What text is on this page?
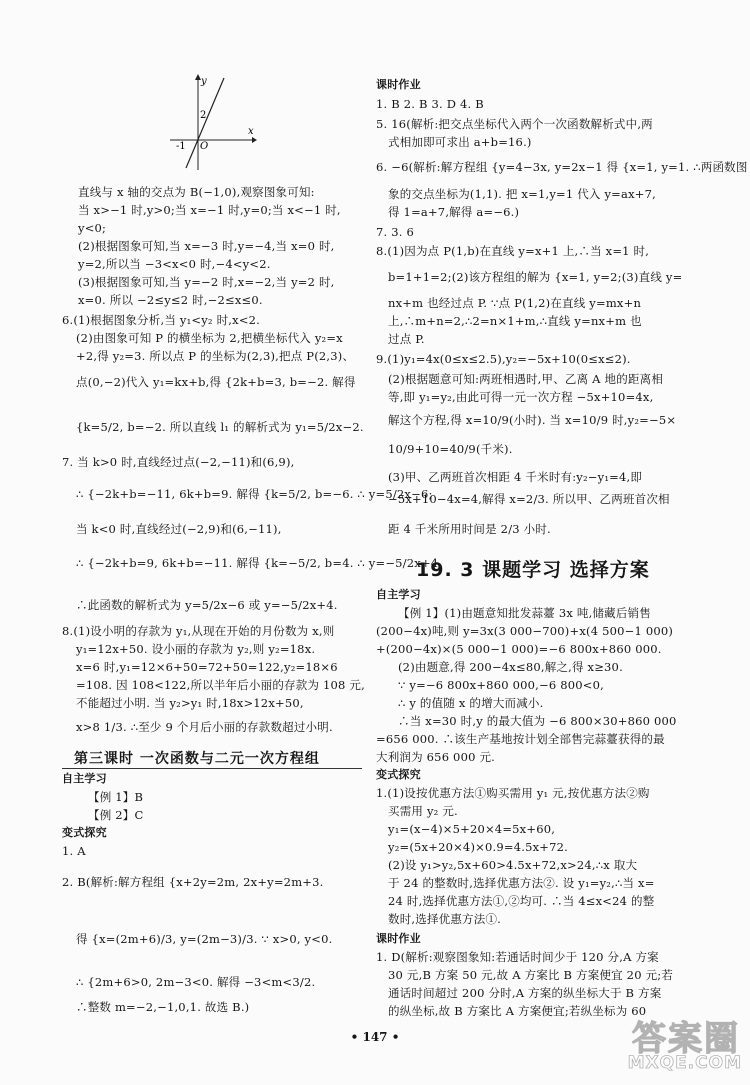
y
x
2
O
-1
直线与 x 轴的交点为 B(−1,0),观察图象可知:
当 x>−1 时,y>0;当 x=−1 时,y=0;当 x<−1 时,
y<0;
(2)根据图象可知,当 x=−3 时,y=−4,当 x=0 时,
y=2,所以当 −3<x<0 时,−4<y<2.
(3)根据图象可知,当 y=−2 时,x=−2,当 y=2 时,
x=0. 所以 −2≤y≤2 时,−2≤x≤0.
6.(1)根据图象分析,当 y₁<y₂ 时,x<2.
(2)由图象可知 P 的横坐标为 2,把横坐标代入 y₂=x
+2,得 y₂=3. 所以点 P 的坐标为(2,3),把点 P(2,3)、
点(0,−2)代入 y₁=kx+b,得 {2k+b=3, b=−2. 解得
{k=5/2, b=−2. 所以直线 l₁ 的解析式为 y₁=5/2x−2.
7. 当 k>0 时,直线经过点(−2,−11)和(6,9),
∴ {−2k+b=−11, 6k+b=9. 解得 {k=5/2, b=−6. ∴ y=5/2x−6;
当 k<0 时,直线经过(−2,9)和(6,−11),
∴ {−2k+b=9, 6k+b=−11. 解得 {k=−5/2, b=4. ∴ y=−5/2x+4.
∴此函数的解析式为 y=5/2x−6 或 y=−5/2x+4.
8.(1)设小明的存款为 y₁,从现在开始的月份数为 x,则
y₁=12x+50. 设小丽的存款为 y₂,则 y₂=18x.
x=6 时,y₁=12×6+50=72+50=122,y₂=18×6
=108. 因 108<122,所以半年后小丽的存款为 108 元,
不能超过小明. 当 y₂>y₁ 时,18x>12x+50,
x>8 1/3. ∴至少 9 个月后小丽的存款数超过小明.
第三课时 一次函数与二元一次方程组
自主学习
【例 1】B
【例 2】C
变式探究
1. A
2. B(解析:解方程组 {x+2y=2m, 2x+y=2m+3.
得 {x=(2m+6)/3, y=(2m−3)/3. ∵ x>0, y<0.
∴ {2m+6>0, 2m−3<0. 解得 −3<m<3/2.
∴整数 m=−2,−1,0,1. 故选 B.)
课时作业
1. B 2. B 3. D 4. B
5. 16(解析:把交点坐标代入两个一次函数解析式中,两
式相加即可求出 a+b=16.)
6. −6(解析:解方程组 {y=4−3x, y=2x−1 得 {x=1, y=1. ∴两函数图
象的交点坐标为(1,1). 把 x=1,y=1 代入 y=ax+7,
得 1=a+7,解得 a=−6.)
7. 3. 6
8.(1)因为点 P(1,b)在直线 y=x+1 上,∴当 x=1 时,
b=1+1=2;(2)该方程组的解为 {x=1, y=2;(3)直线 y=
nx+m 也经过点 P. ∵点 P(1,2)在直线 y=mx+n
上,∴m+n=2,∴2=n×1+m,∴直线 y=nx+m 也
过点 P.
9.(1)y₁=4x(0≤x≤2.5),y₂=−5x+10(0≤x≤2).
(2)根据题意可知:两班相遇时,甲、乙离 A 地的距离相
等,即 y₁=y₂,由此可得一元一次方程 −5x+10=4x,
解这个方程,得 x=10/9(小时). 当 x=10/9 时,y₂=−5×
10/9+10=40/9(千米).
(3)甲、乙两班首次相距 4 千米时有:y₂−y₁=4,即
−5x+10−4x=4,解得 x=2/3. 所以甲、乙两班首次相
距 4 千米所用时间是 2/3 小时.
19. 3 课题学习 选择方案
自主学习
【例 1】(1)由题意知批发蒜薹 3x 吨,储藏后销售
(200−4x)吨,则 y=3x(3 000−700)+x(4 500−1 000)
+(200−4x)×(5 000−1 000)=−6 800x+860 000.
(2)由题意,得 200−4x≤80,解之,得 x≥30.
∵ y=−6 800x+860 000,−6 800<0,
∴ y 的值随 x 的增大而减小.
∴当 x=30 时,y 的最大值为 −6 800×30+860 000
=656 000. ∴该生产基地按计划全部售完蒜薹获得的最
大利润为 656 000 元.
变式探究
1.(1)设按优惠方法①购买需用 y₁ 元,按优惠方法②购
买需用 y₂ 元.
y₁=(x−4)×5+20×4=5x+60,
y₂=(5x+20×4)×0.9=4.5x+72.
(2)设 y₁>y₂,5x+60>4.5x+72,x>24,∴x 取大
于 24 的整数时,选择优惠方法②. 设 y₁=y₂,∴当 x=
24 时,选择优惠方法①,②均可. ∴当 4≤x<24 的整
数时,选择优惠方法①.
课时作业
1. D(解析:观察图象知:若通话时间少于 120 分,A 方案
30 元,B 方案 50 元,故 A 方案比 B 方案便宜 20 元;若
通话时间超过 200 分时,A 方案的纵坐标大于 B 方案
的纵坐标,故 B 方案比 A 方案便宜;若纵坐标为 60
• 147 •	答案圈
MXQE.COM
